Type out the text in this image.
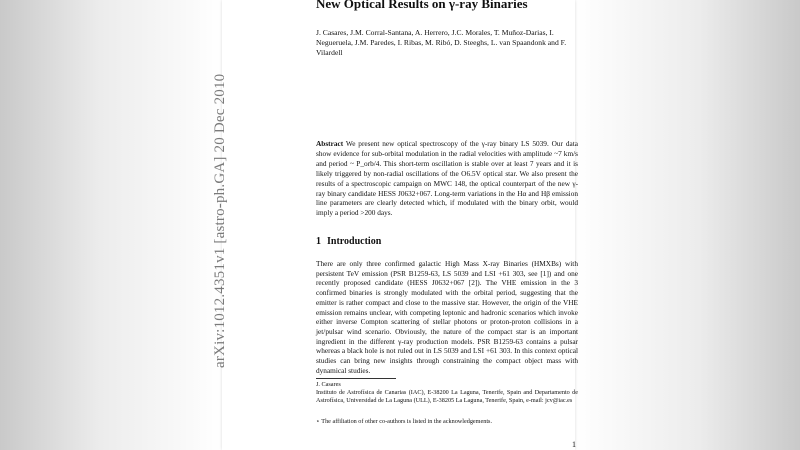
arXiv:1012.4351v1 [astro-ph.GA] 20 Dec 2010
New Optical Results on γ-ray Binaries
J. Casares, J.M. Corral-Santana, A. Herrero, J.C. Morales, T. Muñoz-Darias, I. Negueruela, J.M. Paredes, I. Ribas, M. Ribó, D. Steeghs, L. van Spaandonk and F. Vilardell
Abstract We present new optical spectroscopy of the γ-ray binary LS 5039. Our data show evidence for sub-orbital modulation in the radial velocities with amplitude ~7 km/s and period ~ P_orb/4. This short-term oscillation is stable over at least 7 years and it is likely triggered by non-radial oscillations of the O6.5V optical star. We also present the results of a spectroscopic campaign on MWC 148, the optical counterpart of the new γ-ray binary candidate HESS J0632+067. Long-term variations in the Hα and Hβ emission line parameters are clearly detected which, if modulated with the binary orbit, would imply a period >200 days.
1 Introduction
There are only three confirmed galactic High Mass X-ray Binaries (HMXBs) with persistent TeV emission (PSR B1259-63, LS 5039 and LSI +61 303, see [1]) and one recently proposed candidate (HESS J0632+067 [2]). The VHE emission in the 3 confirmed binaries is strongly modulated with the orbital period, suggesting that the emitter is rather compact and close to the massive star. However, the origin of the VHE emission remains unclear, with competing leptonic and hadronic scenarios which invoke either inverse Compton scattering of stellar photons or proton-proton collisions in a jet/pulsar wind scenario. Obviously, the nature of the compact star is an important ingredient in the different γ-ray production models. PSR B1259-63 contains a pulsar whereas a black hole is not ruled out in LS 5039 and LSI +61 303. In this context optical studies can bring new insights through constraining the compact object mass with dynamical studies.
J. Casares
Instituto de Astrofísica de Canarias (IAC), E-38200 La Laguna, Tenerife, Spain and Departamento de Astrofísica, Universidad de La Laguna (ULL), E-38205 La Laguna, Tenerife, Spain, e-mail: jcv@iac.es
⋆ The affiliation of other co-authors is listed in the acknowledgements.
1
